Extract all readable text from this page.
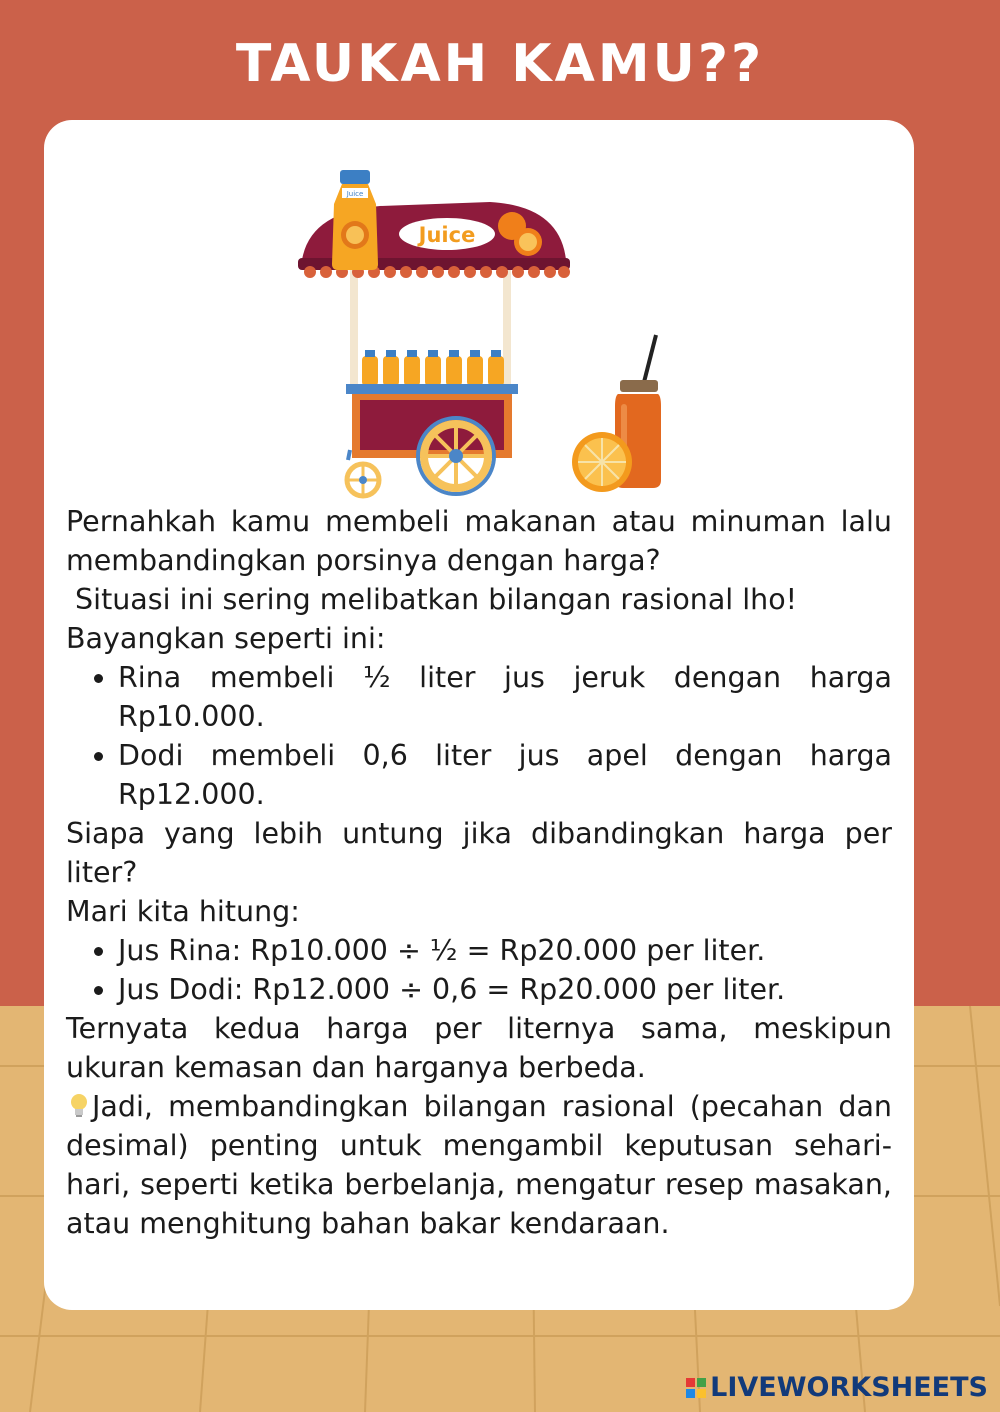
TAUKAH KAMU??
Juice
Juice

Pernahkah kamu membeli makanan atau minuman lalu membandingkan porsinya dengan harga?

Situasi ini sering melibatkan bilangan rasional lho!

Bayangkan seperti ini:

• Rina membeli ½ liter jus jeruk dengan harga Rp10.000.
• Dodi membeli 0,6 liter jus apel dengan harga Rp12.000.

Siapa yang lebih untung jika dibandingkan harga per liter?

Mari kita hitung:

• Jus Rina: Rp10.000 ÷ ½ = Rp20.000 per liter.
• Jus Dodi: Rp12.000 ÷ 0,6 = Rp20.000 per liter.

Ternyata kedua harga per liternya sama, meskipun ukuran kemasan dan harganya berbeda.

Jadi, membandingkan bilangan rasional (pecahan dan desimal) penting untuk mengambil keputusan sehari-hari, seperti ketika berbelanja, mengatur resep masakan, atau menghitung bahan bakar kendaraan.

LIVEWORKSHEETS
